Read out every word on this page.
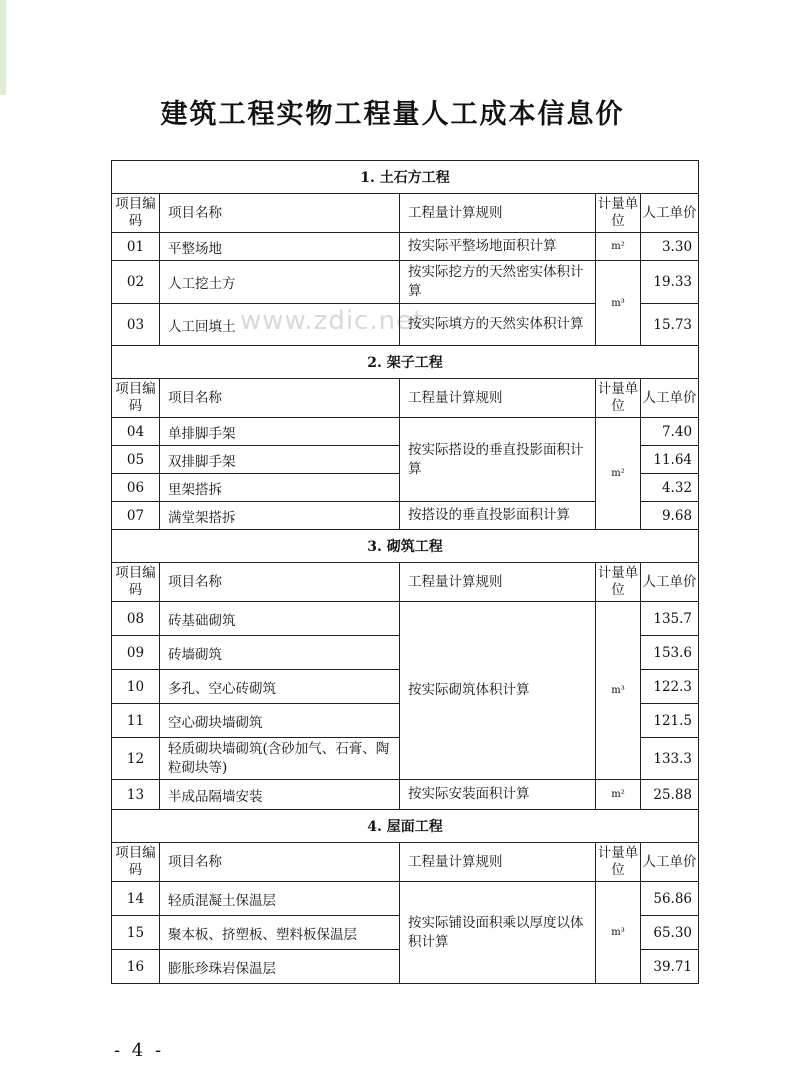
建筑工程实物工程量人工成本信息价
www.zdic.net
1. 土石方工程				
项目编码	项目名称	工程量计算规则	计量单位	人工单价
01	平整场地	按实际平整场地面积计算	m²	3.30
02	人工挖土方	按实际挖方的天然密实体积计算	m³	19.33
03	人工回填土	按实际填方的天然实体积计算		15.73
2. 架子工程				
项目编码	项目名称	工程量计算规则	计量单位	人工单价
04	单排脚手架	按实际搭设的垂直投影面积计算	m²	7.40
05	双排脚手架			11.64
06	里架搭拆			4.32
07	满堂架搭拆	按搭设的垂直投影面积计算		9.68
3. 砌筑工程				
项目编码	项目名称	工程量计算规则	计量单位	人工单价
08	砖基础砌筑	按实际砌筑体积计算	m³	135.7
09	砖墙砌筑			153.6
10	多孔、空心砖砌筑			122.3
11	空心砌块墙砌筑			121.5
12	轻质砌块墙砌筑(含砂加气、石膏、陶粒砌块等)			133.3
13	半成品隔墙安装	按实际安装面积计算	m²	25.88
4. 屋面工程				
项目编码	项目名称	工程量计算规则	计量单位	人工单价
14	轻质混凝土保温层	按实际铺设面积乘以厚度以体积计算	m³	56.86
15	聚本板、挤塑板、塑料板保温层			65.30
16	膨胀珍珠岩保温层			39.71
- 4 -
